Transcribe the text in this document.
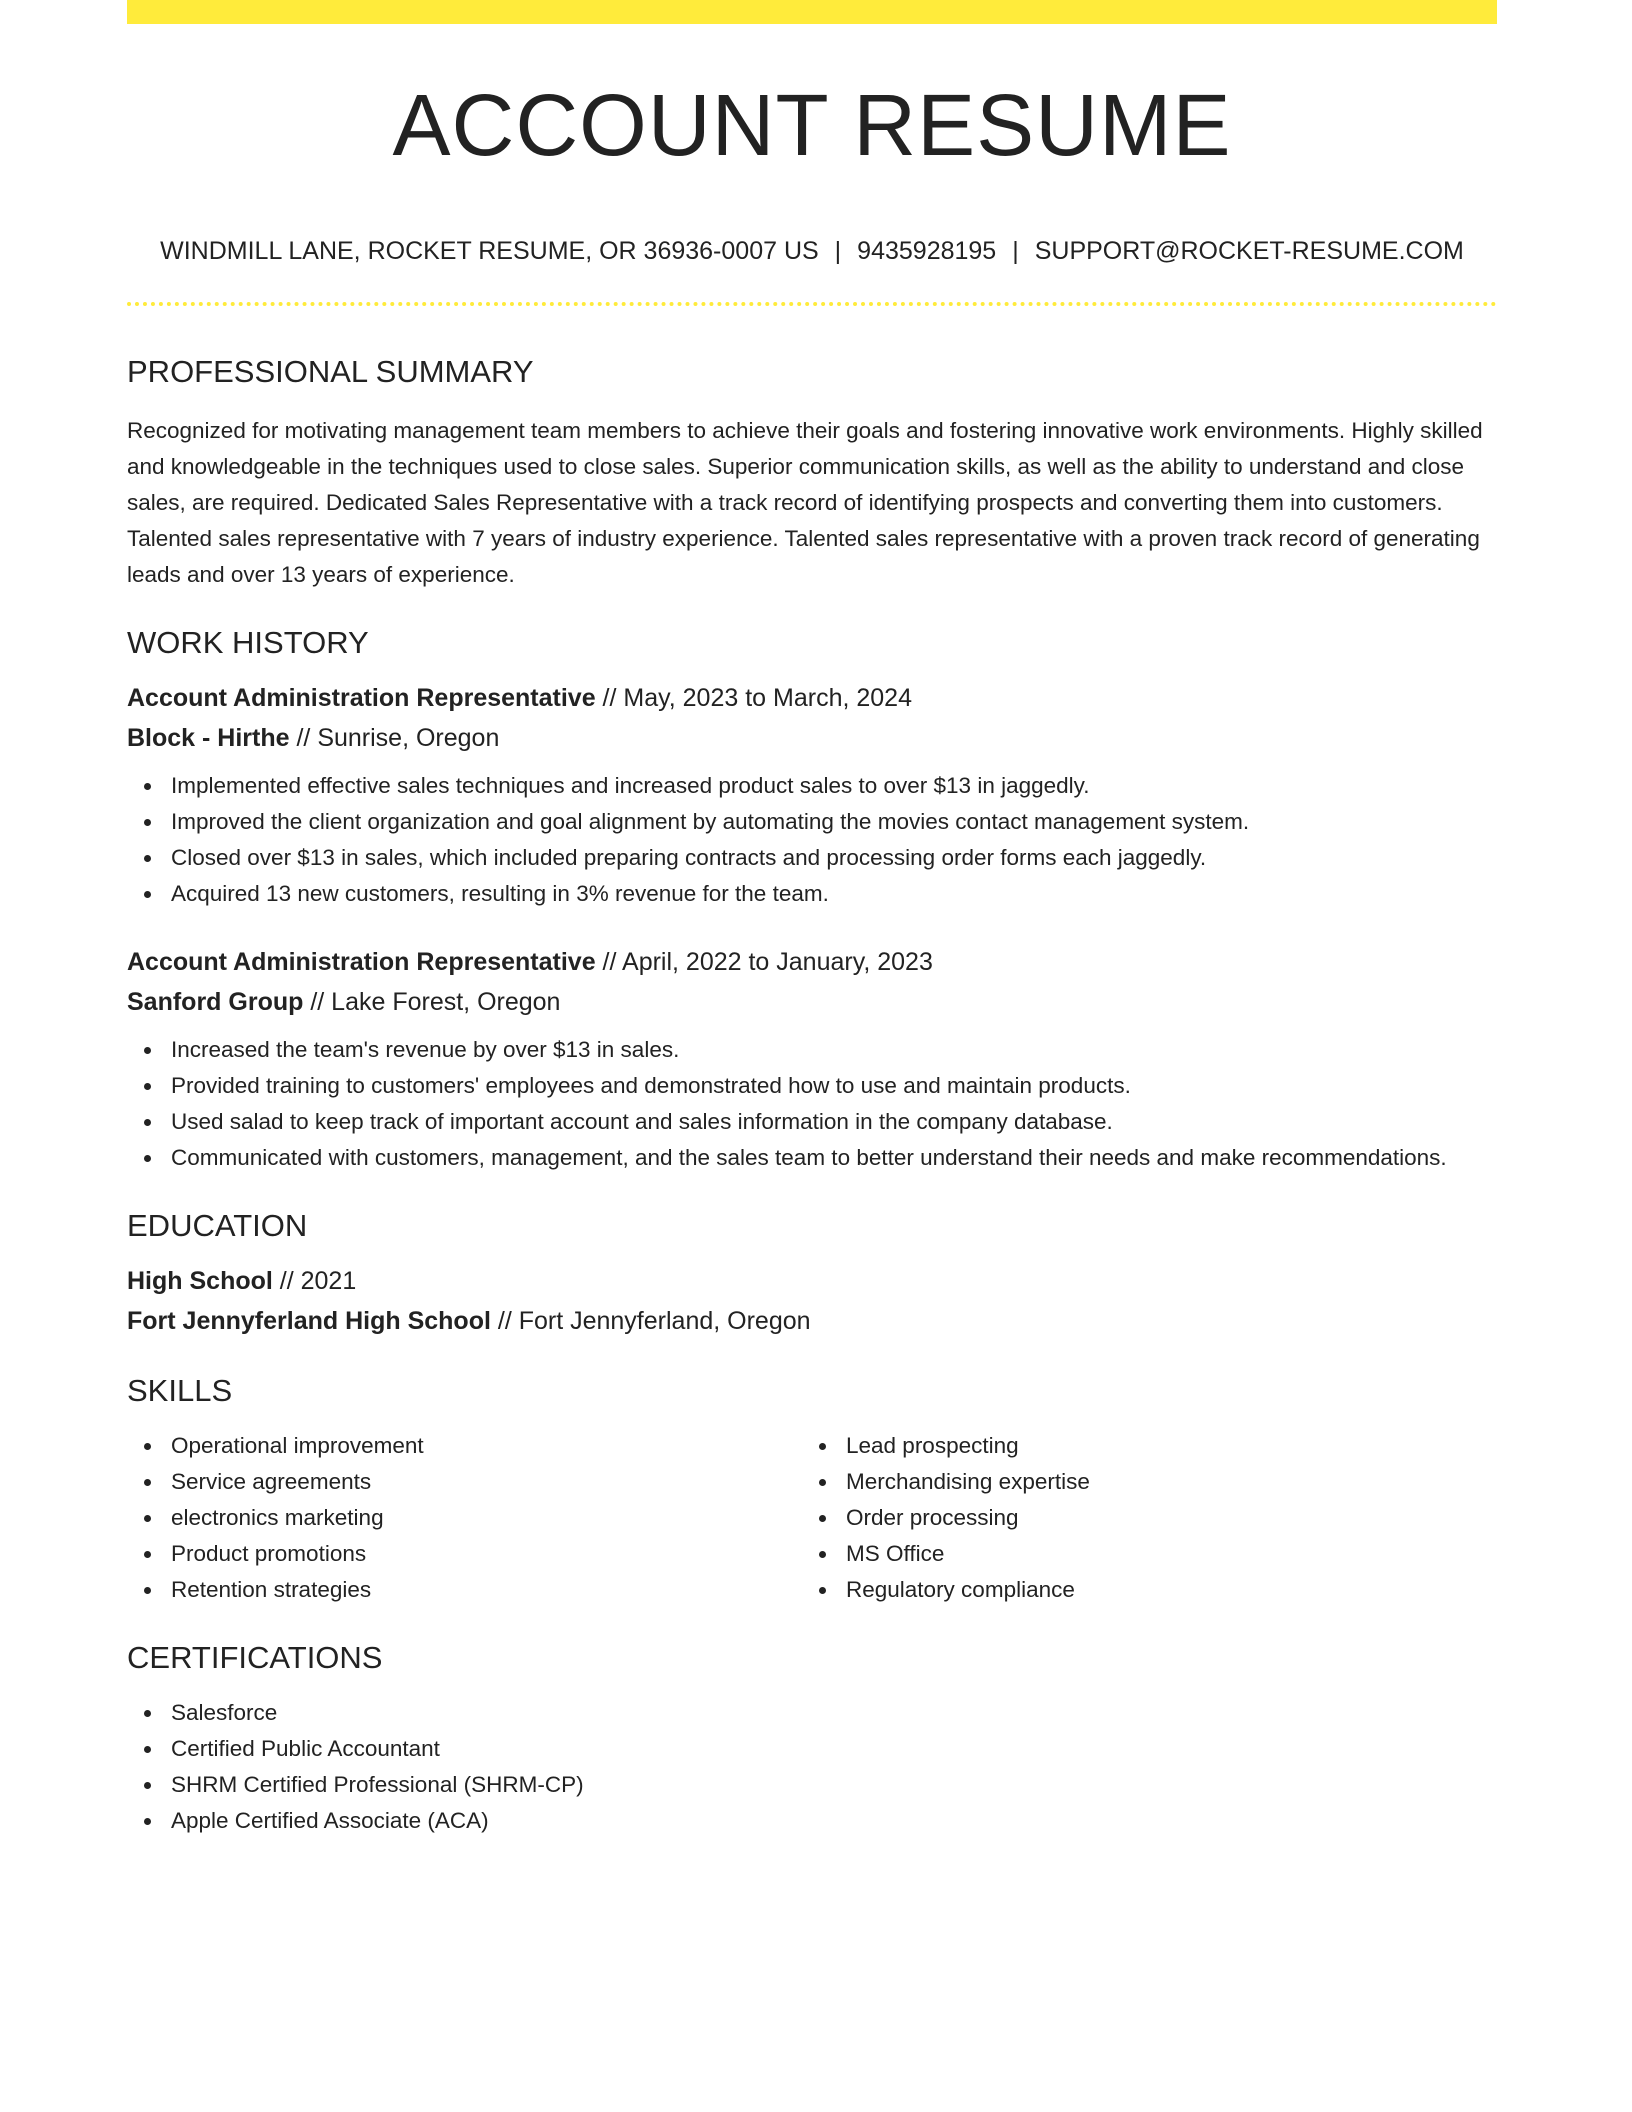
ACCOUNT RESUME
WINDMILL LANE, ROCKET RESUME, OR 36936-0007 US | 9435928195 | SUPPORT@ROCKET-RESUME.COM
PROFESSIONAL SUMMARY

Recognized for motivating management team members to achieve their goals and fostering innovative work environments. Highly skilled and knowledgeable in the techniques used to close sales. Superior communication skills, as well as the ability to understand and close sales, are required. Dedicated Sales Representative with a track record of identifying prospects and converting them into customers. Talented sales representative with 7 years of industry experience. Talented sales representative with a proven track record of generating leads and over 13 years of experience.

WORK HISTORY
Account Administration Representative // May, 2023 to March, 2024
Block - Hirthe // Sunrise, Oregon
Implemented effective sales techniques and increased product sales to over $13 in jaggedly.
Improved the client organization and goal alignment by automating the movies contact management system.
Closed over $13 in sales, which included preparing contracts and processing order forms each jaggedly.
Acquired 13 new customers, resulting in 3% revenue for the team.
Account Administration Representative // April, 2022 to January, 2023
Sanford Group // Lake Forest, Oregon
Increased the team's revenue by over $13 in sales.
Provided training to customers' employees and demonstrated how to use and maintain products.
Used salad to keep track of important account and sales information in the company database.
Communicated with customers, management, and the sales team to better understand their needs and make recommendations.
EDUCATION
High School // 2021
Fort Jennyferland High School // Fort Jennyferland, Oregon
SKILLS
Operational improvement
Service agreements
electronics marketing
Product promotions
Retention strategies
Lead prospecting
Merchandising expertise
Order processing
MS Office
Regulatory compliance
CERTIFICATIONS
Salesforce
Certified Public Accountant
SHRM Certified Professional (SHRM-CP)
Apple Certified Associate (ACA)
